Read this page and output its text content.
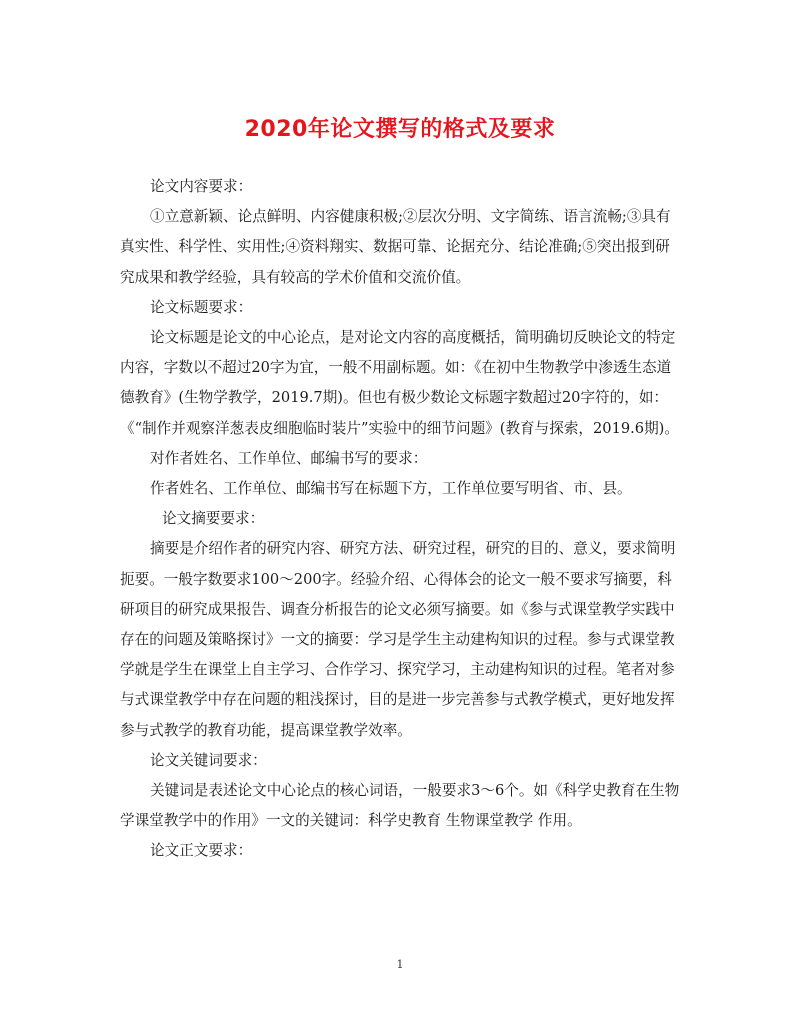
2020年论文撰写的格式及要求

论文内容要求：

①立意新颖、论点鲜明、内容健康积极;②层次分明、文字简练、语言流畅;③具有真实性、科学性、实用性;④资料翔实、数据可靠、论据充分、结论准确;⑤突出报到研究成果和教学经验，具有较高的学术价值和交流价值。

论文标题要求：

论文标题是论文的中心论点，是对论文内容的高度概括，简明确切反映论文的特定内容，字数以不超过20字为宜，一般不用副标题。如：《在初中生物教学中渗透生态道德教育》(生物学教学，2019.7期)。但也有极少数论文标题字数超过20字符的，如：《“制作并观察洋葱表皮细胞临时装片”实验中的细节问题》(教育与探索，2019.6期)。

对作者姓名、工作单位、邮编书写的要求：

作者姓名、工作单位、邮编书写在标题下方，工作单位要写明省、市、县。

论文摘要要求：

摘要是介绍作者的研究内容、研究方法、研究过程，研究的目的、意义，要求简明扼要。一般字数要求100～200字。经验介绍、心得体会的论文一般不要求写摘要，科研项目的研究成果报告、调查分析报告的论文必须写摘要。如《参与式课堂教学实践中存在的问题及策略探讨》一文的摘要：学习是学生主动建构知识的过程。参与式课堂教学就是学生在课堂上自主学习、合作学习、探究学习，主动建构知识的过程。笔者对参与式课堂教学中存在问题的粗浅探讨，目的是进一步完善参与式教学模式，更好地发挥参与式教学的教育功能，提高课堂教学效率。

论文关键词要求：

关键词是表述论文中心论点的核心词语，一般要求3～6个。如《科学史教育在生物学课堂教学中的作用》一文的关键词：科学史教育 生物课堂教学 作用。

论文正文要求：

1
